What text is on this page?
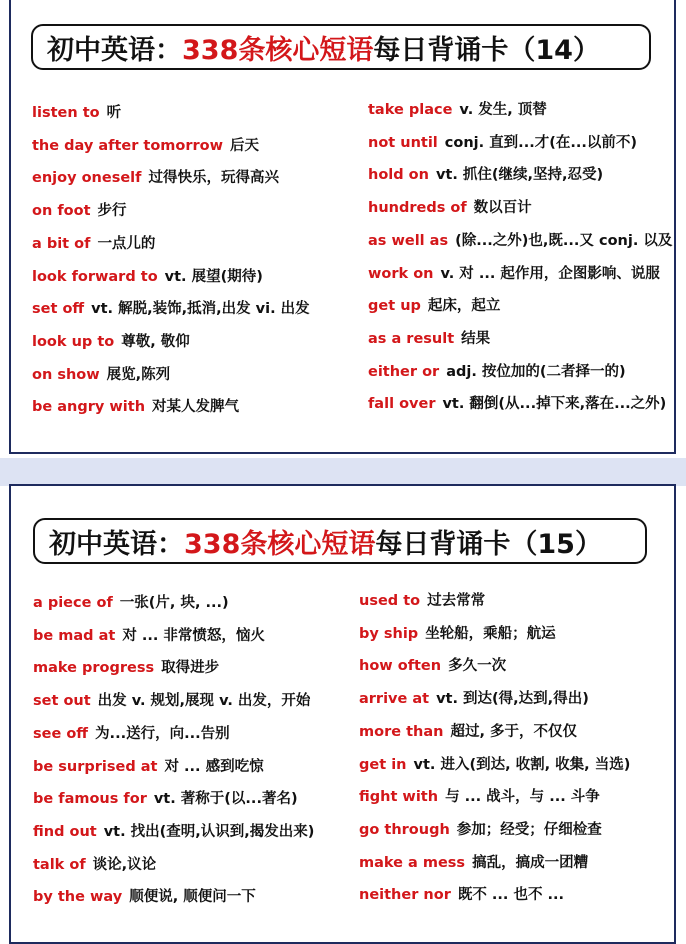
初中英语： 338条核心短语 每日背诵卡（14）
listen to 听
the day after tomorrow 后天
enjoy oneself 过得快乐，玩得高兴
on foot 步行
a bit of 一点儿的
look forward to vt. 展望(期待)
set off vt. 解脱,装饰,抵消,出发 vi. 出发
look up to 尊敬, 敬仰
on show 展览,陈列
be angry with 对某人发脾气
take place v. 发生, 顶替
not until conj. 直到...才(在...以前不)
hold on vt. 抓住(继续,坚持,忍受)
hundreds of 数以百计
as well as (除...之外)也,既...又 conj. 以及
work on v. 对 ... 起作用，企图影响、说服
get up 起床，起立
as a result 结果
either or adj. 按位加的(二者择一的)
fall over vt. 翻倒(从...掉下来,落在...之外)
初中英语： 338条核心短语 每日背诵卡（15）
a piece of 一张(片, 块, ...)
be mad at 对 ... 非常愤怒，恼火
make progress 取得进步
set out 出发 v. 规划,展现 v. 出发，开始
see off 为...送行，向...告别
be surprised at 对 ... 感到吃惊
be famous for vt. 著称于(以...著名)
find out vt. 找出(查明,认识到,揭发出来)
talk of 谈论,议论
by the way 顺便说, 顺便问一下
used to 过去常常
by ship 坐轮船，乘船；航运
how often 多久一次
arrive at vt. 到达(得,达到,得出)
more than 超过, 多于，不仅仅
get in vt. 进入(到达, 收割, 收集, 当选)
fight with 与 ... 战斗，与 ... 斗争
go through 参加；经受；仔细检查
make a mess 搞乱，搞成一团糟
neither nor 既不 ... 也不 ...
